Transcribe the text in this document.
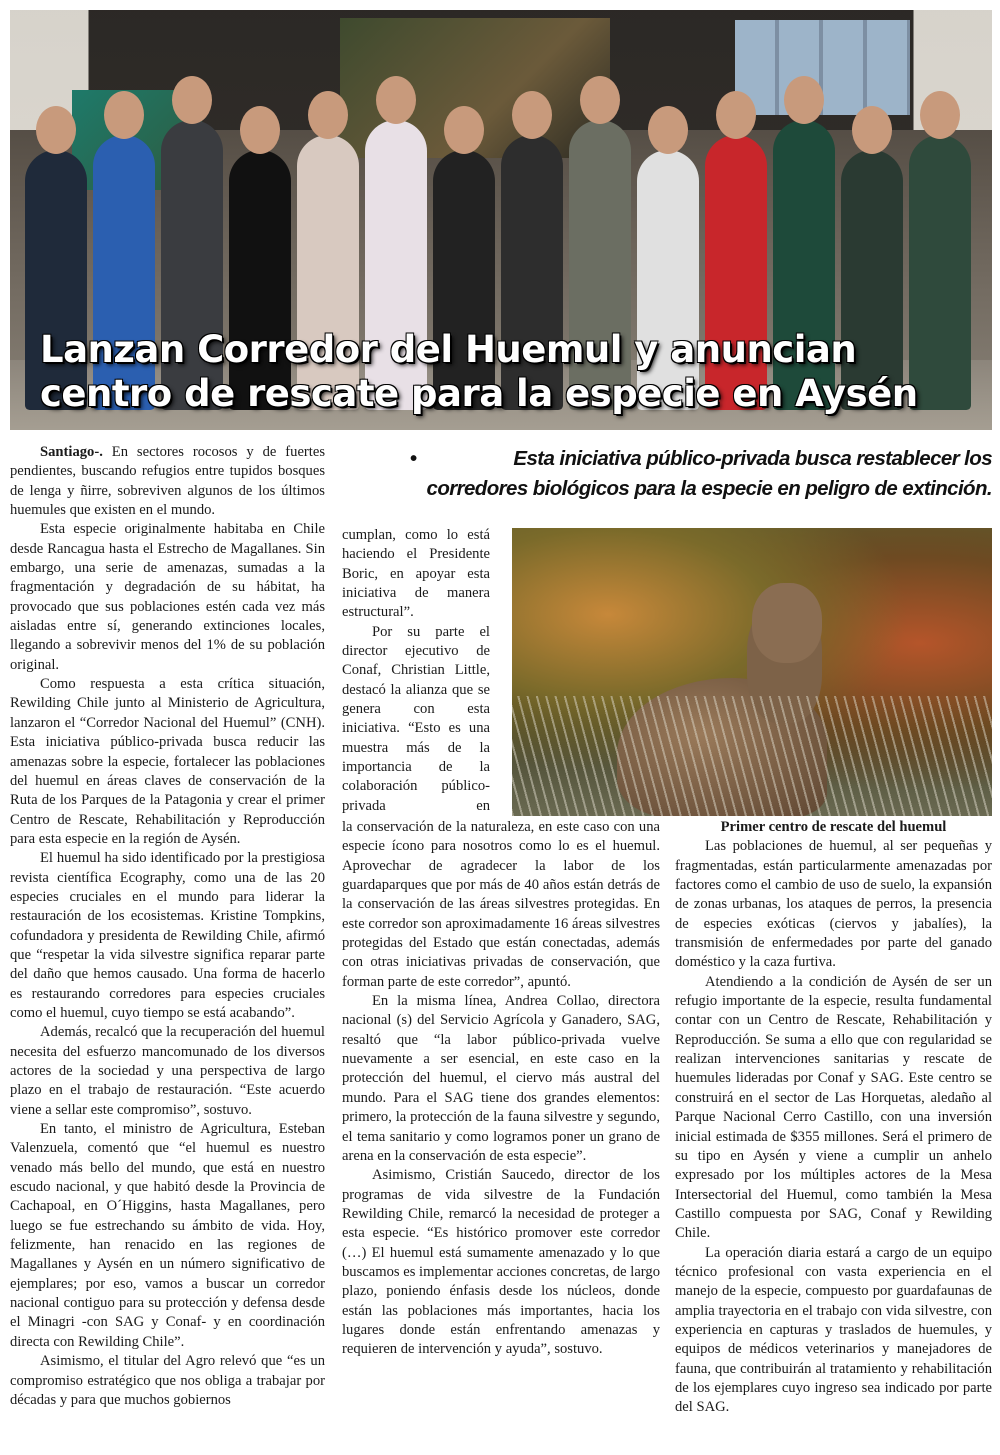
Lanzan Corredor del Huemul y anuncian
centro de rescate para la especie en Aysén
•	Esta iniciativa público-privada busca restablecer los corredores biológicos para la especie en peligro de extinción.

Santiago-. En sectores rocosos y de fuertes pendientes, buscando refugios entre tupidos bosques de lenga y ñirre, sobreviven algunos de los últimos huemules que existen en el mundo.

Esta especie originalmente habitaba en Chile desde Rancagua hasta el Estrecho de Magallanes. Sin embargo, una serie de amenazas, sumadas a la fragmentación y degradación de su hábitat, ha provocado que sus poblaciones estén cada vez más aisladas entre sí, generando extinciones locales, llegando a sobrevivir menos del 1% de su población original.

Como respuesta a esta crítica situación, Rewilding Chile junto al Ministerio de Agricultura, lanzaron el “Corredor Nacional del Huemul” (CNH). Esta iniciativa público-privada busca reducir las amenazas sobre la especie, fortalecer las poblaciones del huemul en áreas claves de conservación de la Ruta de los Parques de la Patagonia y crear el primer Centro de Rescate, Rehabilitación y Reproducción para esta especie en la región de Aysén.

El huemul ha sido identificado por la prestigiosa revista científica Ecography, como una de las 20 especies cruciales en el mundo para liderar la restauración de los ecosistemas. Kristine Tompkins, cofundadora y presidenta de Rewilding Chile, afirmó que “respetar la vida silvestre significa reparar parte del daño que hemos causado. Una forma de hacerlo es restaurando corredores para especies cruciales como el huemul, cuyo tiempo se está acabando”.

Además, recalcó que la recuperación del huemul necesita del esfuerzo mancomunado de los diversos actores de la sociedad y una perspectiva de largo plazo en el trabajo de restauración. “Este acuerdo viene a sellar este compromiso”, sostuvo.

En tanto, el ministro de Agricultura, Esteban Valenzuela, comentó que “el huemul es nuestro venado más bello del mundo, que está en nuestro escudo nacional, y que habitó desde la Provincia de Cachapoal, en O´Higgins, hasta Magallanes, pero luego se fue estrechando su ámbito de vida. Hoy, felizmente, han renacido en las regiones de Magallanes y Aysén en un número significativo de ejemplares; por eso, vamos a buscar un corredor nacional contiguo para su protección y defensa desde el Minagri -con SAG y Conaf- y en coordinación directa con Rewilding Chile”.

Asimismo, el titular del Agro relevó que “es un compromiso estratégico que nos obliga a trabajar por décadas y para que muchos gobiernos

cumplan, como lo está haciendo el Presidente Boric, en apoyar esta iniciativa de manera estructural”.

Por su parte el director ejecutivo de Conaf, Christian Little, destacó la alianza que se genera con esta iniciativa. “Esto es una muestra más de la importancia de la colaboración público-privada en

la conservación de la naturaleza, en este caso con una especie ícono para nosotros como lo es el huemul. Aprovechar de agradecer la labor de los guardaparques que por más de 40 años están detrás de la conservación de las áreas silvestres protegidas. En este corredor son aproximadamente 16 áreas silvestres protegidas del Estado que están conectadas, además con otras iniciativas privadas de conservación, que forman parte de este corredor”, apuntó.

En la misma línea, Andrea Collao, directora nacional (s) del Servicio Agrícola y Ganadero, SAG, resaltó que “la labor público-privada vuelve nuevamente a ser esencial, en este caso en la protección del huemul, el ciervo más austral del mundo. Para el SAG tiene dos grandes elementos: primero, la protección de la fauna silvestre y segundo, el tema sanitario y como logramos poner un grano de arena en la conservación de esta especie”.

Asimismo, Cristián Saucedo, director de los programas de vida silvestre de la Fundación Rewilding Chile, remarcó la necesidad de proteger a esta especie. “Es histórico promover este corredor (…) El huemul está sumamente amenazado y lo que buscamos es implementar acciones concretas, de largo plazo, poniendo énfasis desde los núcleos, donde están las poblaciones más importantes, hacia los lugares donde están enfrentando amenazas y requieren de intervención y ayuda”, sostuvo.

Primer centro de rescate del huemul

Las poblaciones de huemul, al ser pequeñas y fragmentadas, están particularmente amenazadas por factores como el cambio de uso de suelo, la expansión de zonas urbanas, los ataques de perros, la presencia de especies exóticas (ciervos y jabalíes), la transmisión de enfermedades por parte del ganado doméstico y la caza furtiva.

Atendiendo a la condición de Aysén de ser un refugio importante de la especie, resulta fundamental contar con un Centro de Rescate, Rehabilitación y Reproducción. Se suma a ello que con regularidad se realizan intervenciones sanitarias y rescate de huemules lideradas por Conaf y SAG. Este centro se construirá en el sector de Las Horquetas, aledaño al Parque Nacional Cerro Castillo, con una inversión inicial estimada de $355 millones. Será el primero de su tipo en Aysén y viene a cumplir un anhelo expresado por los múltiples actores de la Mesa Intersectorial del Huemul, como también la Mesa Castillo compuesta por SAG, Conaf y Rewilding Chile.

La operación diaria estará a cargo de un equipo técnico profesional con vasta experiencia en el manejo de la especie, compuesto por guardafaunas de amplia trayectoria en el trabajo con vida silvestre, con experiencia en capturas y traslados de huemules, y equipos de médicos veterinarios y manejadores de fauna, que contribuirán al tratamiento y rehabilitación de los ejemplares cuyo ingreso sea indicado por parte del SAG.
